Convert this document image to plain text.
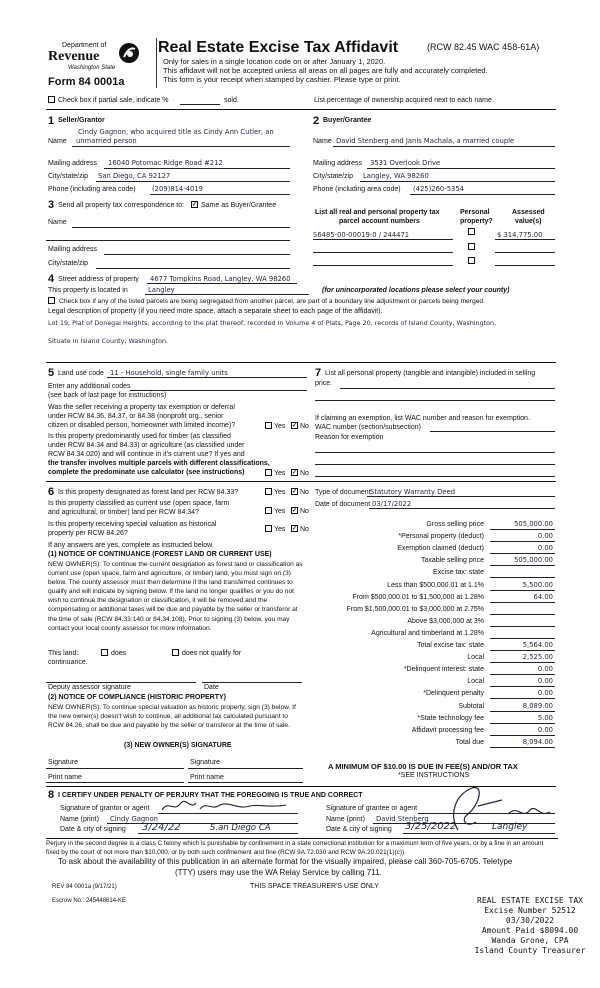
Department of
Revenue
Washington State
Form 84 0001a
Real Estate Excise Tax Affidavit	(RCW 82.45 WAC 458-61A)
Only for sales in a single location code on or after January 1, 2020.
This affidavit will not be accepted unless all areas on all pages are fully and accurately completed.
This form is your receipt when stamped by cashier. Please type or print.
Check box if partial sale, indicate %	sold.	List percentage of ownership acquired next to each name.
1 Seller/Grantor
Cindy Gagnon, who acquired title as Cindy Ann Cutler, an
Name unmarried person
Mailing address 16040 Potomac Ridge Road #212
City/state/zip San Diego, CA 92127
Phone (including area code) (209)814-4019
2 Buyer/Grantee
Name David Stenberg and Janis Machala, a married couple
Mailing address 3531 Overlook Drive
City/state/zip Langley, WA 98260
Phone (including area code) (425)260-5354
3 Send all property tax correspondence to: ✓ Same as Buyer/Grantee
Name
Mailing address
City/state/zip
List all real and personal property tax
parcel account numbers
Personal
property?
Assessed
value(s)
S6485-00-00019-0 / 244471	$ 314,775.00
4 Street address of property 4677 Tompkins Road, Langley, WA 98260
This property is located in	Langley	(for unincorporated locations please select your county)
Check box if any of the listed parcels are being segregated from another parcel, are part of a boundary line adjustment or parcels being merged.
Legal description of property (if you need more space, attach a separate sheet to each page of the affidavit).
Lot 19, Plat of Donegal Heights, according to the plat thereof, recorded in Volume 4 of Plats, Page 20, records of Island County, Washington.
Situate in Island County, Washington.
5 Land use code 11 - Household, single family units
Enter any additional codes
(see back of last page for instructions)
Was the seller receiving a property tax exemption or deferral
under RCW 84.36, 84.37, or 84.38 (nonprofit org., senior
citizen or disabled person, homeowner with limited income)?	Yes ✓ No
Is this property predominantly used for timber (as classified
under RCW 84.34 and 84.33) or agriculture (as classified under
RCW 84.34.020) and will continue in it's current use? If yes and
the transfer involves multiple parcels with different classifications,
complete the predominate use calculator (see instructions)	Yes ✓ No
7 List all personal property (tangible and intangible) included in selling
price.
If claiming an exemption, list WAC number and reason for exemption.
WAC number (section/subsection)
Reason for exemption
6 Is this property designated as forest land per RCW 84.33?	Yes ✓ No
Is this property classified as current use (open space, farm
and agricultural, or timber) land per RCW 84.34?	Yes ✓ No
Is this property receiving special valuation as historical
property per RCW 84.26?
Yes ✓ No
If any answers are yes, complete as instructed below.
(1) NOTICE OF CONTINUANCE (FOREST LAND OR CURRENT USE)
NEW OWNER(S): To continue the current designation as forest land or classification as current use (open space, farm and agriculture, or timber) land, you must sign on (3) below. The county assessor must then determine if the land transferred continues to qualify and will indicate by signing below. If the land no longer qualifies or you do not wish to continue the designation or classification, it will be removed and the compensating or additional taxes will be due and payable by the seller or transferor at the time of sale (RCW 84.33.140 or 84.34.108). Prior to signing (3) below, you may contact your local county assessor for more information.
This land:	does	does not qualify for
continuance.
Deputy assessor signature	Date
(2) NOTICE OF COMPLIANCE (HISTORIC PROPERTY)
NEW OWNER(S): To continue special valuation as historic property, sign (3) below. If the new owner(s) doesn't wish to continue, all additional tax calculated pursuant to RCW 84.26, shall be due and payable by the seller or transferor at the time of sale.
(3) NEW OWNER(S) SIGNATURE
Signature	Signature
Print name	Print name
Type of document Statutory Warranty Deed
Date of document 03/17/2022
Gross selling price	505,000.00
*Personal property (deduct)	0.00
Exemption claimed (deduct)	0.00
Taxable selling price	505,000.00
Excise tax: state
Less than $500,000.01 at 1.1%	5,500.00
From $500,000.01 to $1,500,000 at 1.28%	64.00
From $1,500,000.01 to $3,000,000 at 2.75%
Above $3,000,000 at 3%
Agricultural and timberland at 1.28%
Total excise tax: state	5,564.00
Local	2,525.00
*Delinquent interest: state	0.00
Local	0.00
*Delinquent penalty	0.00
Subtotal	8,089.00
*State technology fee	5.00
Affidavit processing fee	0.00
Total due	8,094.00
A MINIMUM OF $10.00 IS DUE IN FEE(S) AND/OR TAX
*SEE INSTRUCTIONS
8 I CERTIFY UNDER PENALTY OF PERJURY THAT THE FOREGOING IS TRUE AND CORRECT
Signature of grantor or agent
Name (print) Cindy Gagnon
Date & city of signing 3/24/22	S.an Diego CA
Signature of grantee or agent
Name (print) David Stenberg
Date & city of signing 3/25/2022	Langley
Perjury in the second degree is a class C felony which is punishable by confinement in a state correctional institution for a maximum term of five years, or by a fine in an amount fixed by the court of not more than $10,000, or by both such confinement and fine (RCW 9A.72.030 and RCW 9A.20.021(1)(c)).
To ask about the availability of this publication in an alternate format for the visually impaired, please call 360-705-6705. Teletype
(TTY) users may use the WA Relay Service by calling 711.
REV 84 0001a (9/17/21)	THIS SPACE TREASURER'S USE ONLY
Escrow No.: 245448614-KE	REAL ESTATE EXCISE TAX
Excise Number 52512
03/30/2022
Amount Paid $8094.00
Wanda Grone, CPA
Island County Treasurer
